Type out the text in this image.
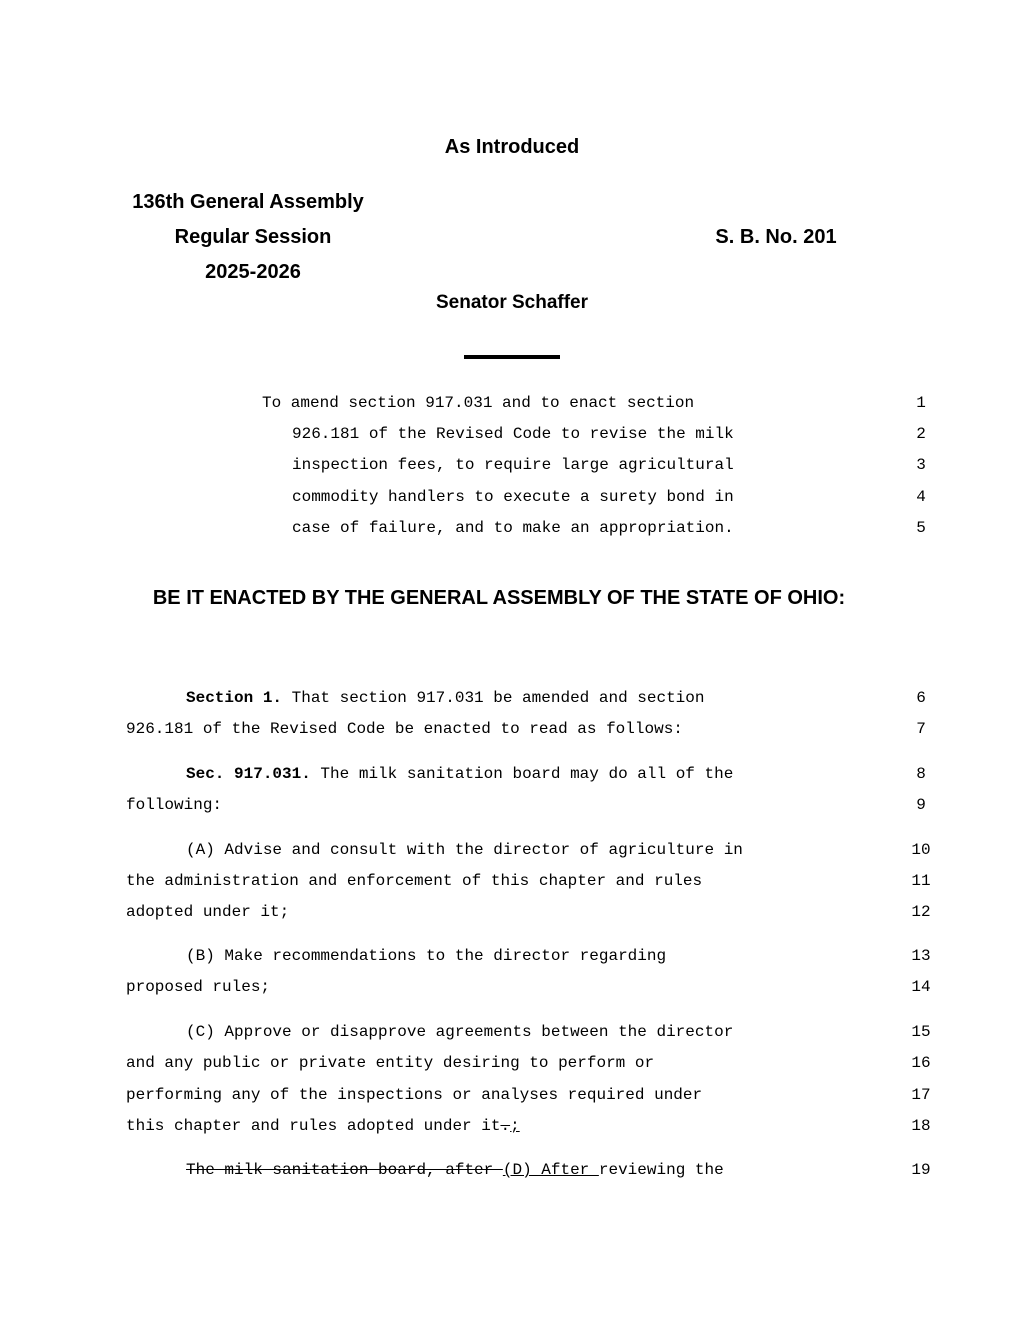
As Introduced
136th General Assembly
Regular Session
2025-2026
S. B. No. 201
Senator Schaffer
To amend section 917.031 and to enact section	1
926.181 of the Revised Code to revise the milk	2
inspection fees, to require large agricultural	3
commodity handlers to execute a surety bond in	4
case of failure, and to make an appropriation.	5
BE IT ENACTED BY THE GENERAL ASSEMBLY OF THE STATE OF OHIO:
Section 1. That section 917.031 be amended and section	6
926.181 of the Revised Code be enacted to read as follows:	7
Sec. 917.031. The milk sanitation board may do all of the	8
following:	9
(A) Advise and consult with the director of agriculture in	10
the administration and enforcement of this chapter and rules	11
adopted under it;	12
(B) Make recommendations to the director regarding	13
proposed rules;	14
(C) Approve or disapprove agreements between the director	15
and any public or private entity desiring to perform or	16
performing any of the inspections or analyses required under	17
this chapter and rules adopted under it.;	18
The milk sanitation board, after (D) After reviewing the	19
